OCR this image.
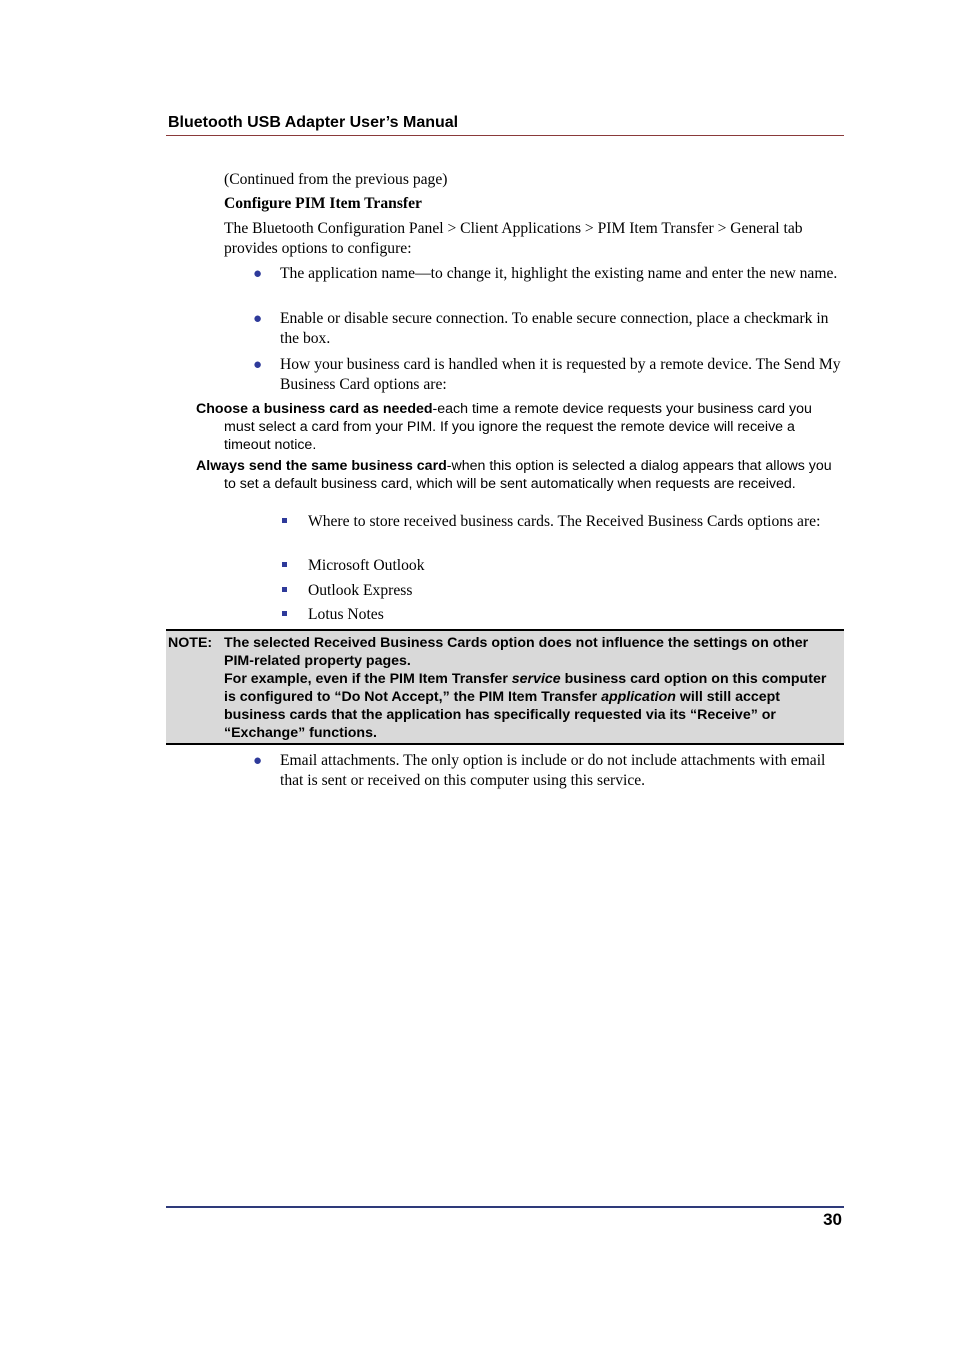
Bluetooth USB Adapter User’s Manual
(Continued from the previous page)
Configure PIM Item Transfer
The Bluetooth Configuration Panel > Client Applications > PIM Item Transfer > General tab provides options to configure:
● The application name—to change it, highlight the existing name and enter the new name.
● Enable or disable secure connection. To enable secure connection, place a checkmark in the box.
● How your business card is handled when it is requested by a remote device. The Send My Business Card options are:
Choose a business card as needed-each time a remote device requests your business card you must select a card from your PIM. If you ignore the request the remote device will receive a timeout notice.
Always send the same business card-when this option is selected a dialog appears that allows you to set a default business card, which will be sent automatically when requests are received.
Where to store received business cards. The Received Business Cards options are:
Microsoft Outlook
Outlook Express
Lotus Notes
NOTE: The selected Received Business Cards option does not influence the settings on other PIM-related property pages.
For example, even if the PIM Item Transfer service business card option on this computer is configured to “Do Not Accept,” the PIM Item Transfer application will still accept business cards that the application has specifically requested via its “Receive” or “Exchange” functions.
● Email attachments. The only option is include or do not include attachments with email that is sent or received on this computer using this service.
30
